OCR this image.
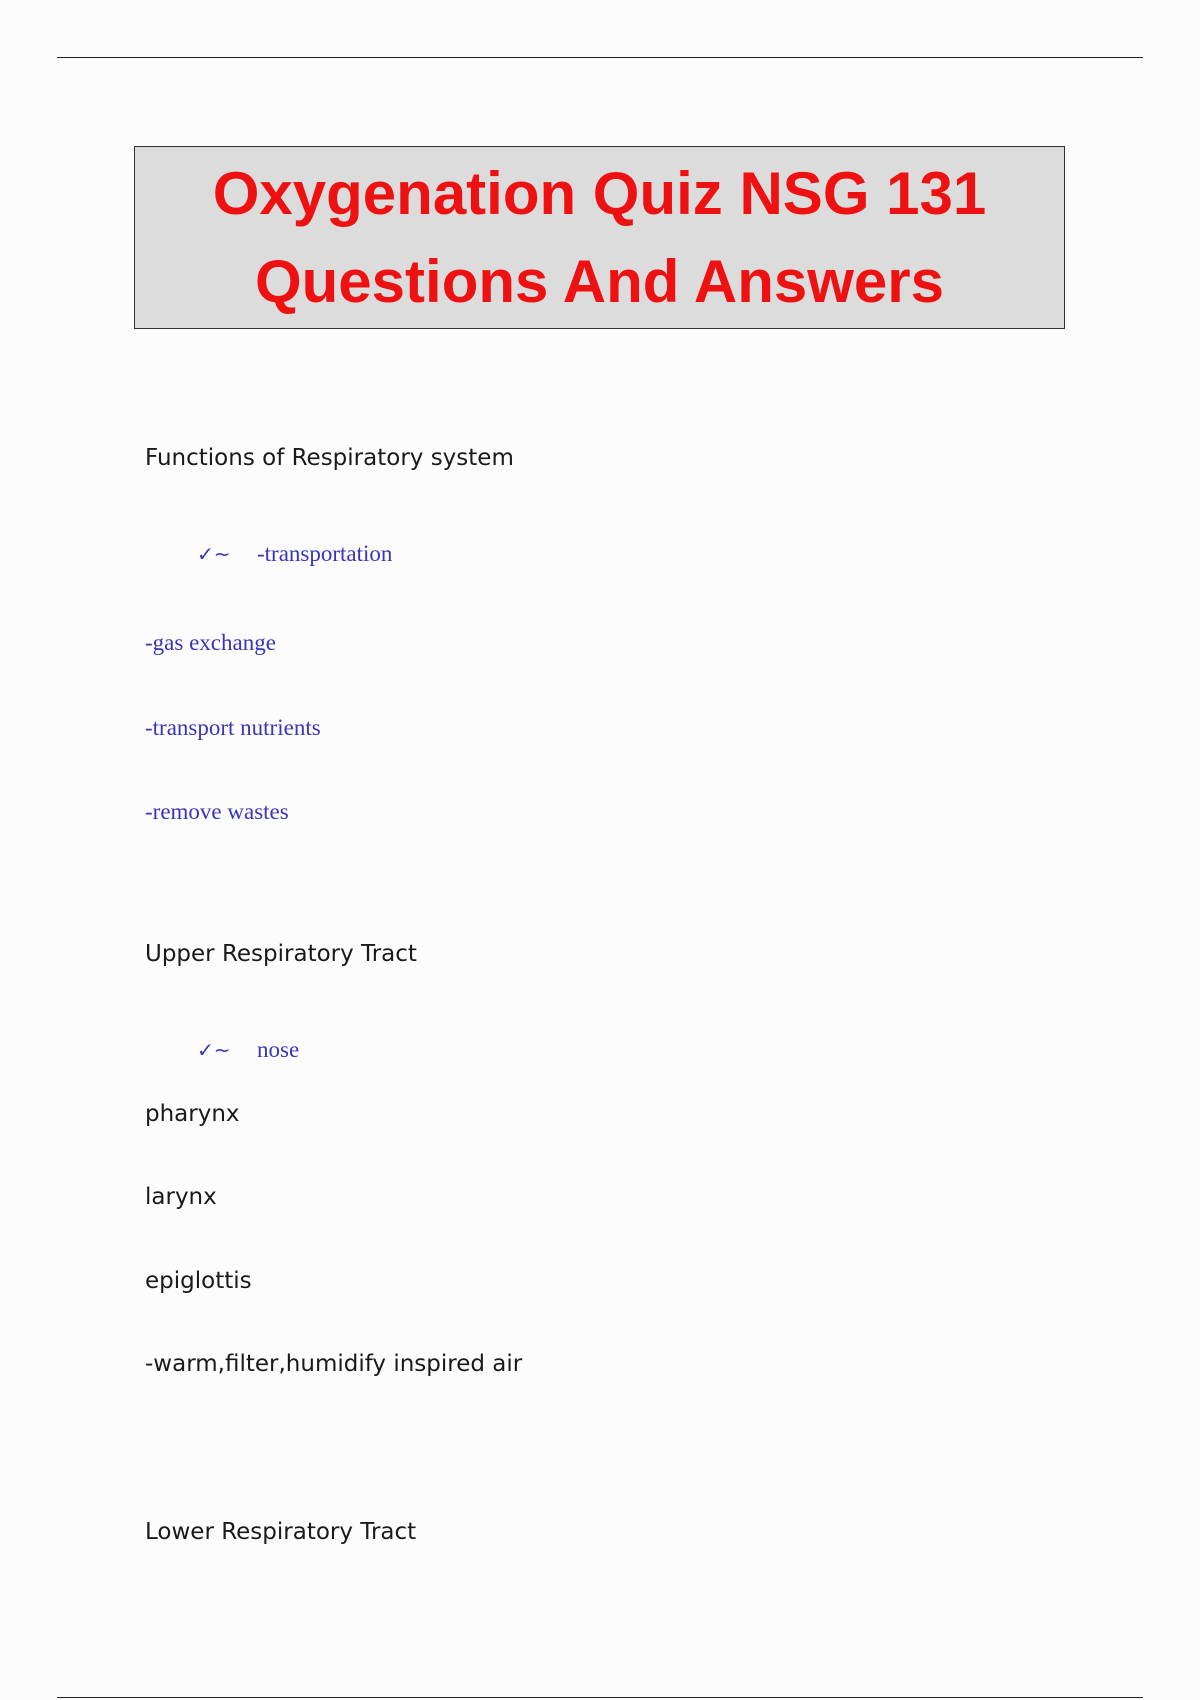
Oxygenation Quiz NSG 131
Questions And Answers
Functions of Respiratory system
✓~ -transportation
-gas exchange
-transport nutrients
-remove wastes
Upper Respiratory Tract
✓~ nose
pharynx
larynx
epiglottis
-warm,filter,humidify inspired air
Lower Respiratory Tract
